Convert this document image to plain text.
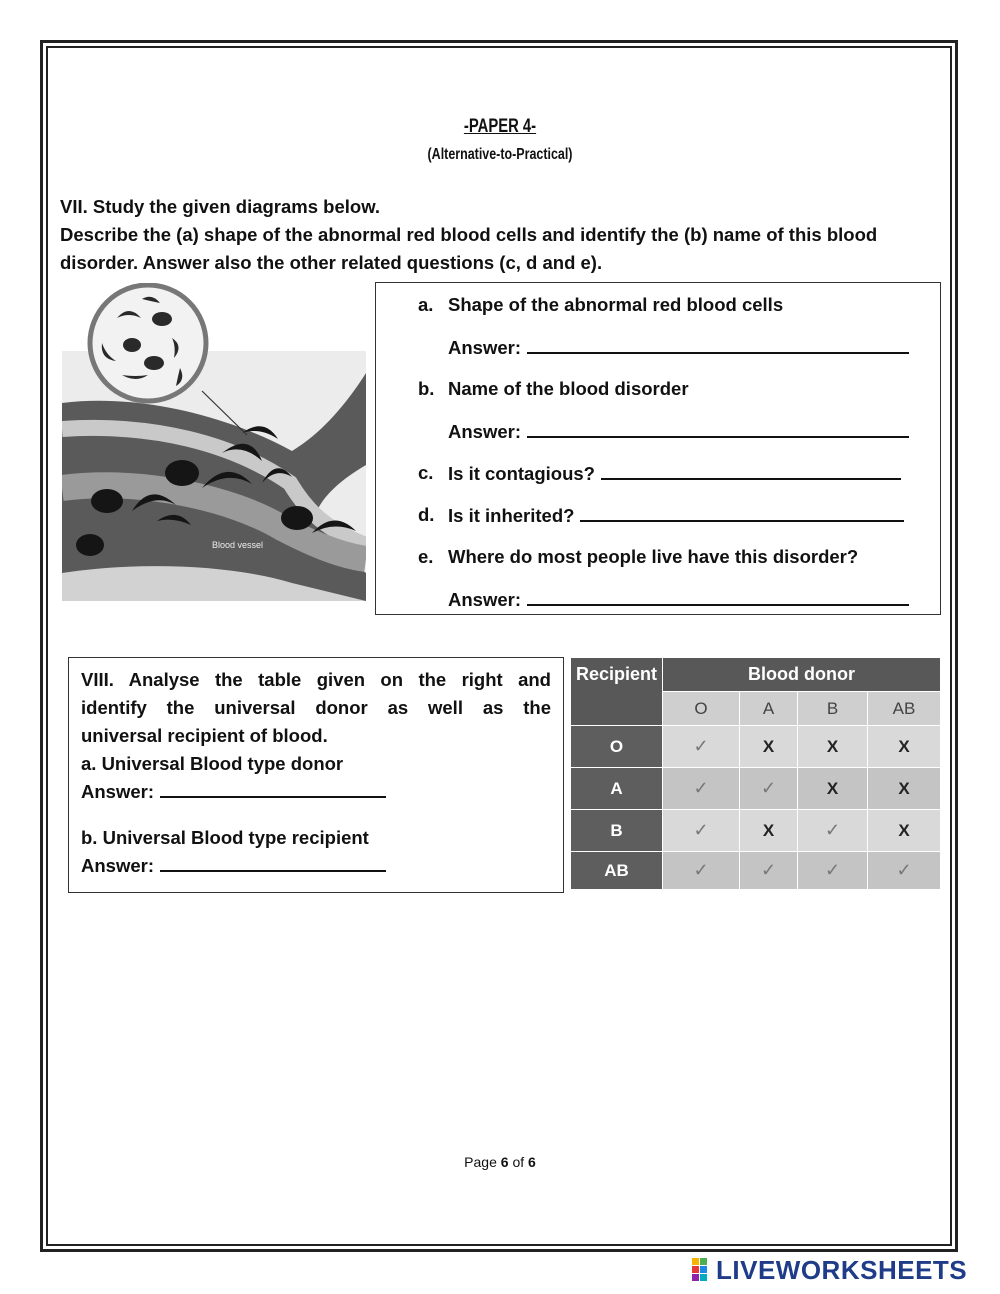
-PAPER 4-
(Alternative-to-Practical)
VII. Study the given diagrams below.
Describe the (a) shape of the abnormal red blood cells and identify the (b) name of this blood disorder. Answer also the other related questions (c, d and e).
Blood vessel
a. Shape of the abnormal red blood cells
Answer:
b. Name of the blood disorder
Answer:
c. Is it contagious?
d. Is it inherited?
e. Where do most people live have this disorder?
Answer:
VIII. Analyse the table given on the right and
identify the universal donor as well as the
universal recipient of blood.
a. Universal Blood type donor
Answer:
b. Universal Blood type recipient
Answer:
Recipient	Blood donor			
	O	A	B	AB
O	✓	X	X	X
A	✓	✓	X	X
B	✓	X	✓	X
AB	✓	✓	✓	✓
Page 6 of 6
LIVEWORKSHEETS
